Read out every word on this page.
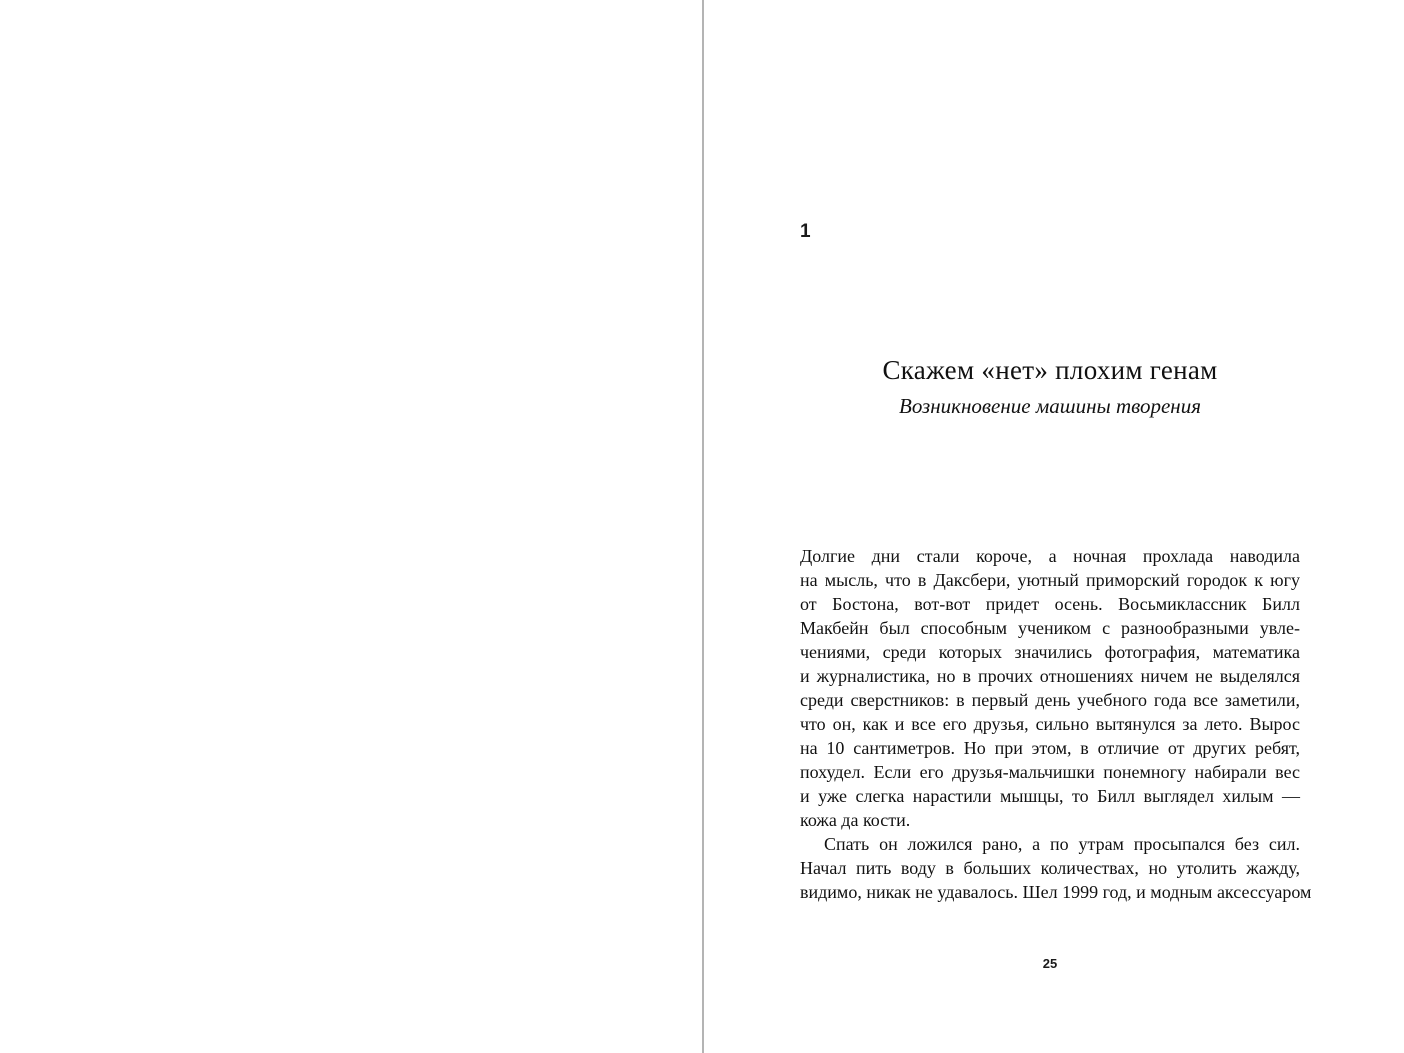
1
Скажем «нет» плохим генам
Возникновение машины творения
Долгие дни стали короче, а ночная прохлада наводила
на мысль, что в Даксбери, уютный приморский городок к югу
от Бостона, вот-вот придет осень. Восьмиклассник Билл
Макбейн был способным учеником с разнообразными увле-
чениями, среди которых значились фотография, математика
и журналистика, но в прочих отношениях ничем не выделялся
среди сверстников: в первый день учебного года все заметили,
что он, как и все его друзья, сильно вытянулся за лето. Вырос
на 10 сантиметров. Но при этом, в отличие от других ребят,
похудел. Если его друзья-мальчишки понемногу набирали вес
и уже слегка нарастили мышцы, то Билл выглядел хилым —
кожа да кости.
Спать он ложился рано, а по утрам просыпался без сил.
Начал пить воду в больших количествах, но утолить жажду,
видимо, никак не удавалось. Шел 1999 год, и модным аксессуаром
25
